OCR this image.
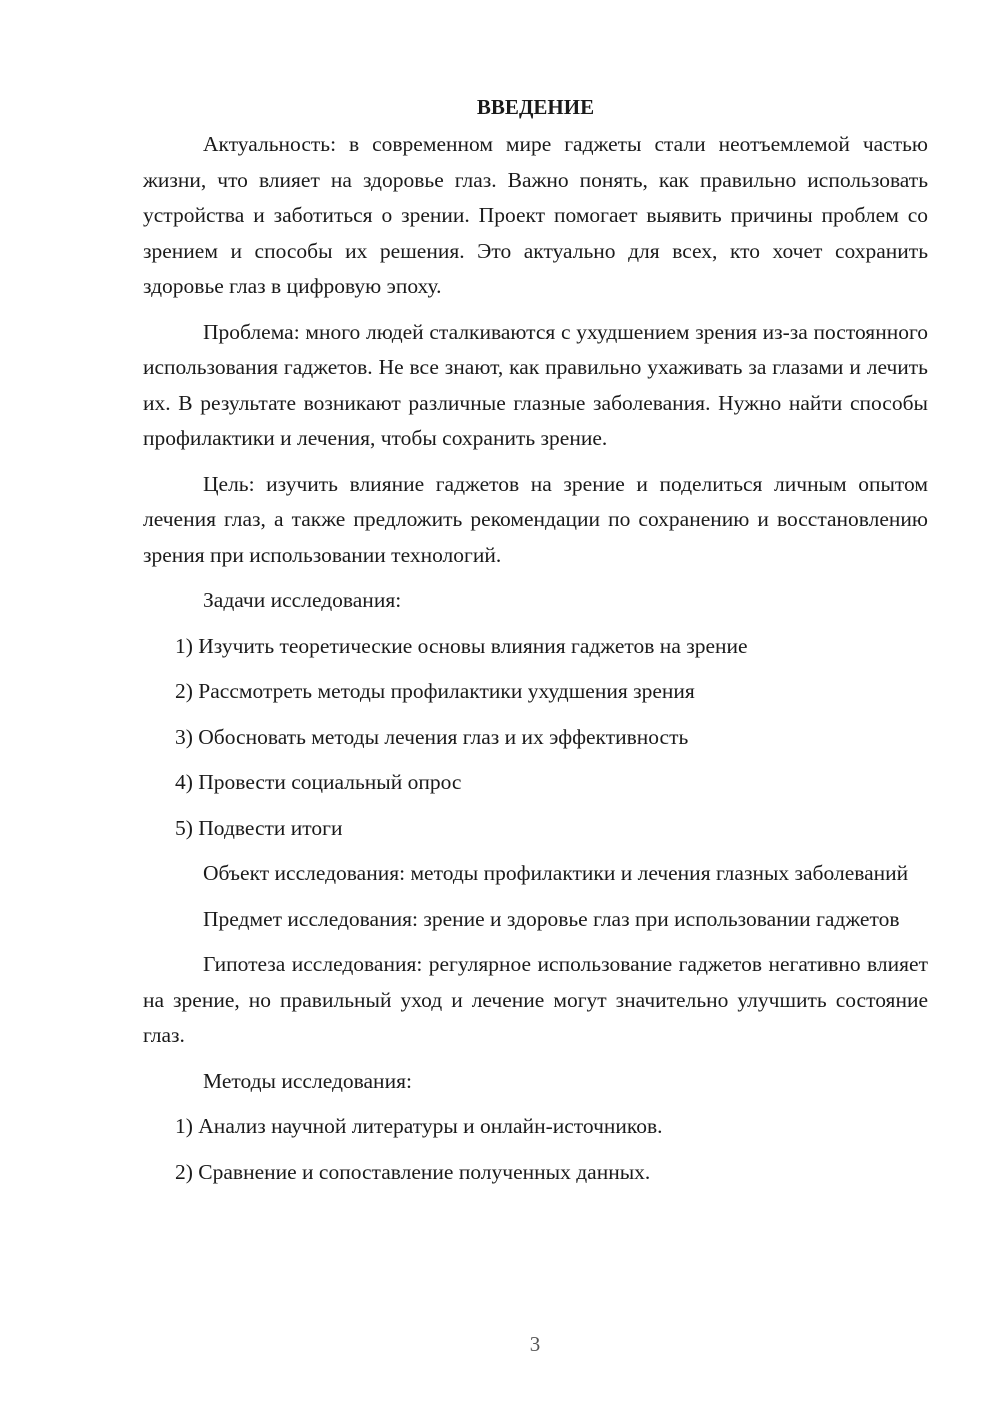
ВВЕДЕНИЕ

Актуальность: в современном мире гаджеты стали неотъемлемой частью жизни, что влияет на здоровье глаз. Важно понять, как правильно использовать устройства и заботиться о зрении. Проект помогает выявить причины проблем со зрением и способы их решения. Это актуально для всех, кто хочет сохранить здоровье глаз в цифровую эпоху.

Проблема: много людей сталкиваются с ухудшением зрения из-за постоянного использования гаджетов. Не все знают, как правильно ухаживать за глазами и лечить их. В результате возникают различные глазные заболевания. Нужно найти способы профилактики и лечения, чтобы сохранить зрение.

Цель: изучить влияние гаджетов на зрение и поделиться личным опытом лечения глаз, а также предложить рекомендации по сохранению и восстановлению зрения при использовании технологий.

Задачи исследования:
1) Изучить теоретические основы влияния гаджетов на зрение
2) Рассмотреть методы профилактики ухудшения зрения
3) Обосновать методы лечения глаз и их эффективность
4) Провести социальный опрос
5) Подвести итоги

Объект исследования: методы профилактики и лечения глазных заболеваний

Предмет исследования: зрение и здоровье глаз при использовании гаджетов

Гипотеза исследования: регулярное использование гаджетов негативно влияет на зрение, но правильный уход и лечение могут значительно улучшить состояние глаз.

Методы исследования:
1) Анализ научной литературы и онлайн-источников.
2) Сравнение и сопоставление полученных данных.
3
